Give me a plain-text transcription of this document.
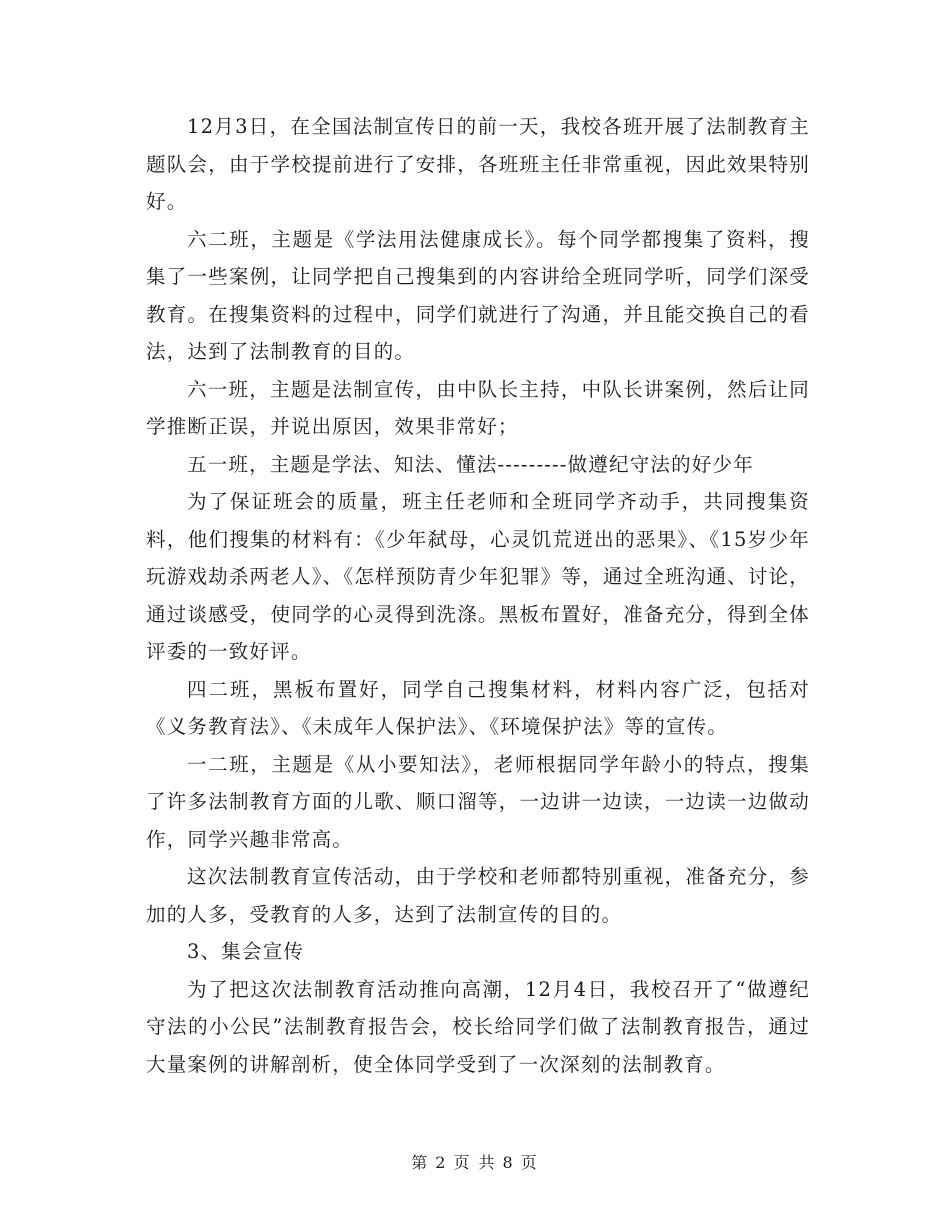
12月3日，在全国法制宣传日的前一天，我校各班开展了法制教育主题队会，由于学校提前进行了安排，各班班主任非常重视，因此效果特别好。

六二班，主题是《学法用法健康成长》。每个同学都搜集了资料，搜集了一些案例，让同学把自己搜集到的内容讲给全班同学听，同学们深受教育。在搜集资料的过程中，同学们就进行了沟通，并且能交换自己的看法，达到了法制教育的目的。

六一班，主题是法制宣传，由中队长主持，中队长讲案例，然后让同学推断正误，并说出原因，效果非常好；

五一班，主题是学法、知法、懂法---------做遵纪守法的好少年

为了保证班会的质量，班主任老师和全班同学齐动手，共同搜集资料，他们搜集的材料有：《少年弑母，心灵饥荒迸出的恶果》、《15岁少年玩游戏劫杀两老人》、《怎样预防青少年犯罪》等，通过全班沟通、讨论，通过谈感受，使同学的心灵得到洗涤。黑板布置好，准备充分，得到全体评委的一致好评。

四二班，黑板布置好，同学自己搜集材料，材料内容广泛，包括对《义务教育法》、《未成年人保护法》、《环境保护法》等的宣传。

一二班，主题是《从小要知法》，老师根据同学年龄小的特点，搜集了许多法制教育方面的儿歌、顺口溜等，一边讲一边读，一边读一边做动作，同学兴趣非常高。

这次法制教育宣传活动，由于学校和老师都特别重视，准备充分，参加的人多，受教育的人多，达到了法制宣传的目的。

3、集会宣传

为了把这次法制教育活动推向高潮，12月4日，我校召开了“做遵纪守法的小公民”法制教育报告会，校长给同学们做了法制教育报告，通过大量案例的讲解剖析，使全体同学受到了一次深刻的法制教育。

第 2 页 共 8 页
